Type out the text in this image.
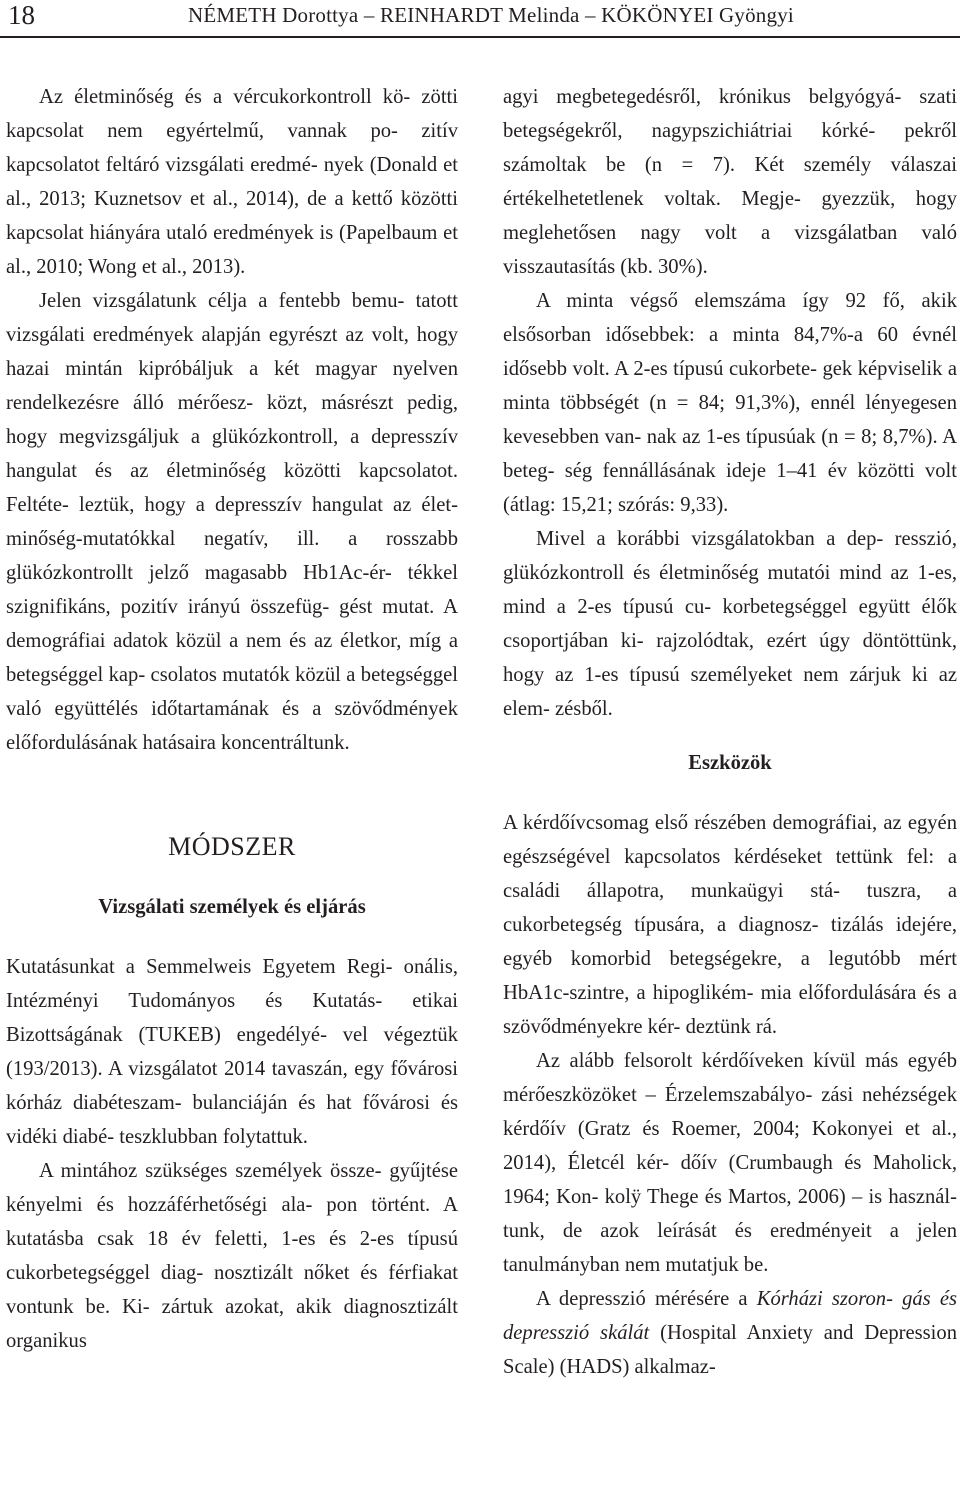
18	NÉMETH Dorottya – REINHARDT Melinda – KÖKÖNYEI Gyöngyi

Az életminőség és a vércukorkontroll kö- zötti kapcsolat nem egyértelmű, vannak po- zitív kapcsolatot feltáró vizsgálati eredmé- nyek (Donald et al., 2013; Kuznetsov et al., 2014), de a kettő közötti kapcsolat hiányára utaló eredmények is (Papelbaum et al., 2010; Wong et al., 2013).

Jelen vizsgálatunk célja a fentebb bemu- tatott vizsgálati eredmények alapján egyrészt az volt, hogy hazai mintán kipróbáljuk a két magyar nyelven rendelkezésre álló mérőesz- közt, másrészt pedig, hogy megvizsgáljuk a glükózkontroll, a depresszív hangulat és az életminőség közötti kapcsolatot. Feltéte- leztük, hogy a depresszív hangulat az élet- minőség-mutatókkal negatív, ill. a rosszabb glükózkontrollt jelző magasabb Hb1Ac-ér- tékkel szignifikáns, pozitív irányú összefüg- gést mutat. A demográfiai adatok közül a nem és az életkor, míg a betegséggel kap- csolatos mutatók közül a betegséggel való együttélés időtartamának és a szövődmények előfordulásának hatásaira koncentráltunk.

MÓDSZER
Vizsgálati személyek és eljárás

Kutatásunkat a Semmelweis Egyetem Regi- onális, Intézményi Tudományos és Kutatás- etikai Bizottságának (TUKEB) engedélyé- vel végeztük (193/2013). A vizsgálatot 2014 tavaszán, egy fővárosi kórház diabéteszam- bulanciáján és hat fővárosi és vidéki diabé- teszklubban folytattuk.

A mintához szükséges személyek össze- gyűjtése kényelmi és hozzáférhetőségi ala- pon történt. A kutatásba csak 18 év feletti, 1-es és 2-es típusú cukorbetegséggel diag- nosztizált nőket és férfiakat vontunk be. Ki- zártuk azokat, akik diagnosztizált organikus

agyi megbetegedésről, krónikus belgyógyá- szati betegségekről, nagypszichiátriai kórké- pekről számoltak be (n = 7). Két személy válaszai értékelhetetlenek voltak. Megje- gyezzük, hogy meglehetősen nagy volt a vizsgálatban való visszautasítás (kb. 30%).

A minta végső elemszáma így 92 fő, akik elsősorban idősebbek: a minta 84,7%-a 60 évnél idősebb volt. A 2-es típusú cukorbete- gek képviselik a minta többségét (n = 84; 91,3%), ennél lényegesen kevesebben van- nak az 1-es típusúak (n = 8; 8,7%). A beteg- ség fennállásának ideje 1–41 év közötti volt (átlag: 15,21; szórás: 9,33).

Mivel a korábbi vizsgálatokban a dep- resszió, glükózkontroll és életminőség mutatói mind az 1-es, mind a 2-es típusú cu- korbetegséggel együtt élők csoportjában ki- rajzolódtak, ezért úgy döntöttünk, hogy az 1-es típusú személyeket nem zárjuk ki az elem- zésből.

Eszközök

A kérdőívcsomag első részében demográfiai, az egyén egészségével kapcsolatos kérdéseket tettünk fel: a családi állapotra, munkaügyi stá- tuszra, a cukorbetegség típusára, a diagnosz- tizálás idejére, egyéb komorbid betegségekre, a legutóbb mért HbA1c-szintre, a hipoglikém- mia előfordulására és a szövődményekre kér- deztünk rá.

Az alább felsorolt kérdőíveken kívül más egyéb mérőeszközöket – Érzelemszabályo- zási nehézségek kérdőív (Gratz és Roemer, 2004; Kokonyei et al., 2014), Életcél kér- dőív (Crumbaugh és Maholick, 1964; Kon- kolÿ Thege és Martos, 2006) – is használ- tunk, de azok leírását és eredményeit a jelen tanulmányban nem mutatjuk be.

A depresszió mérésére a Kórházi szoron- gás és depresszió skálát (Hospital Anxiety and Depression Scale) (HADS) alkalmaz-
